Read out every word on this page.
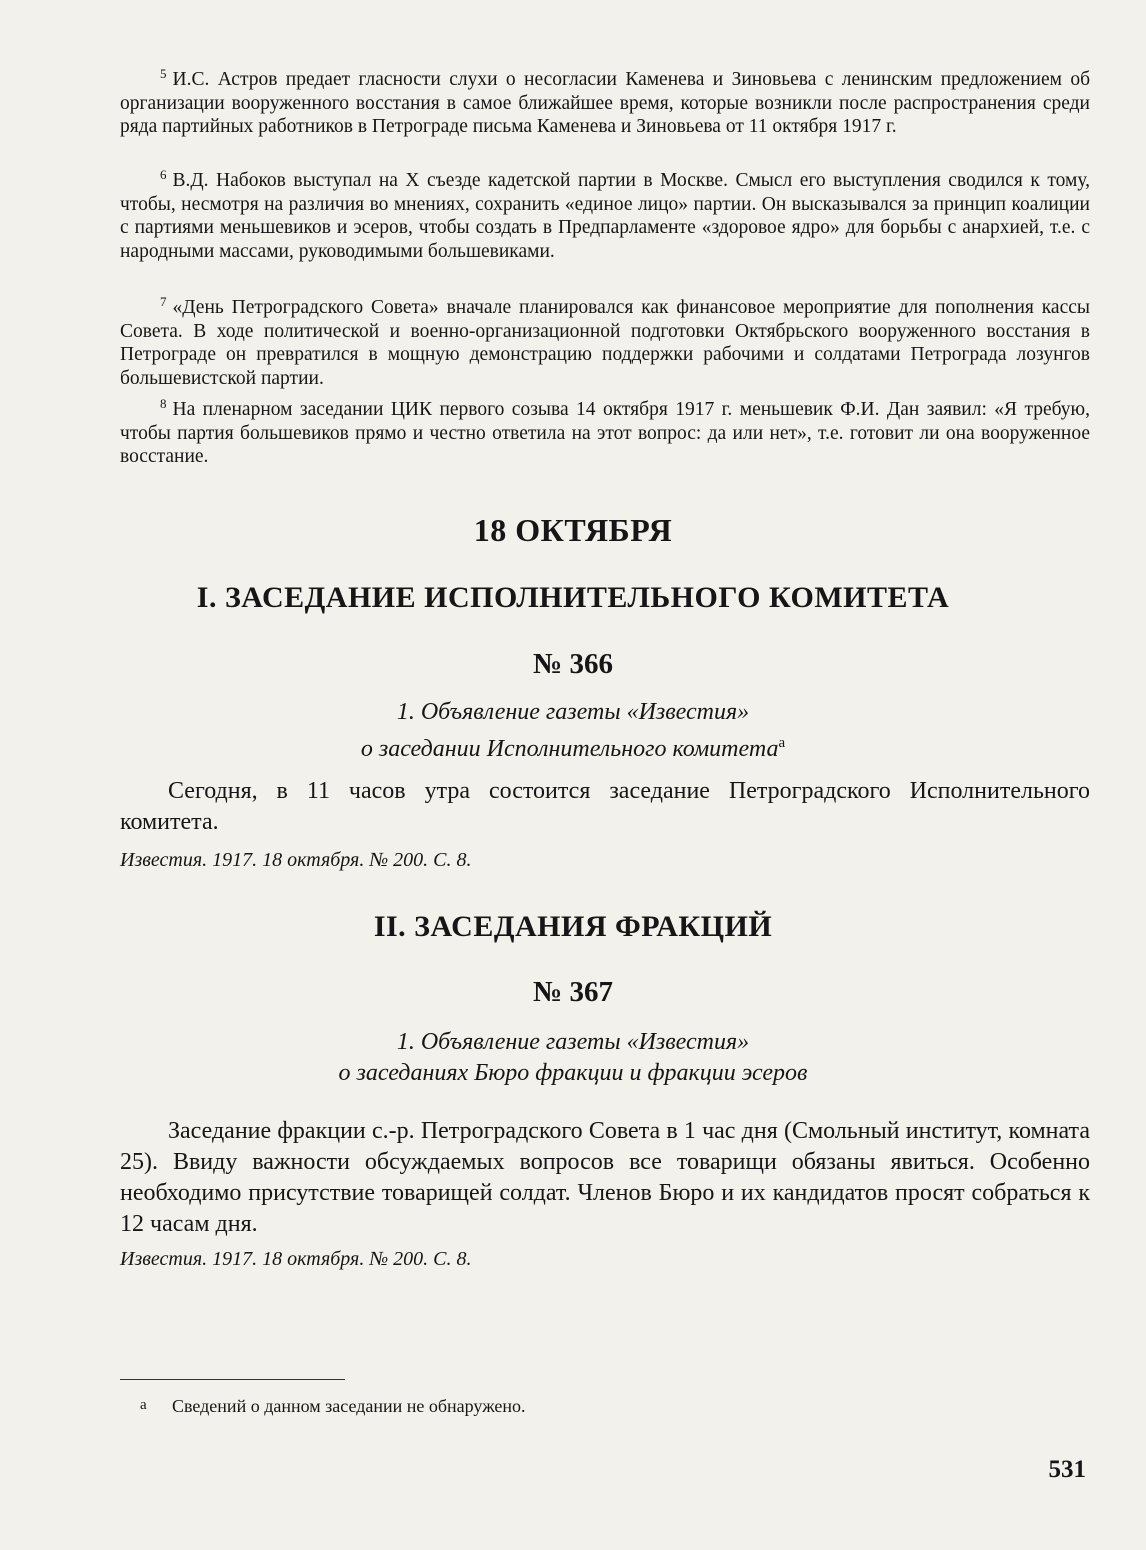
$^5$ И.С. Астров предает гласности слухи о несогласии Каменева и Зиновьева с ленинским предложением об организации вооруженного восстания в самое ближайшее время, которые возникли после распространения среди ряда партийных работников в Петрограде письма Каменева и Зиновьева от 11 октября 1917 г.

$^6$ В.Д. Набоков выступал на X съезде кадетской партии в Москве. Смысл его выступления сводился к тому, чтобы, несмотря на различия во мнениях, сохранить «единое лицо» партии. Он высказывался за принцип коалиции с партиями меньшевиков и эсеров, чтобы создать в Предпарламенте «здоровое ядро» для борьбы с анархией, т.е. с народными массами, руководимыми большевиками.

$^7$ «День Петроградского Совета» вначале планировался как финансовое мероприятие для пополнения кассы Совета. В ходе политической и военно-организационной подготовки Октябрьского вооруженного восстания в Петрограде он превратился в мощную демонстрацию поддержки рабочими и солдатами Петрограда лозунгов большевистской партии.

$^8$ На пленарном заседании ЦИК первого созыва 14 октября 1917 г. меньшевик Ф.И. Дан заявил: «Я требую, чтобы партия большевиков прямо и честно ответила на этот вопрос: да или нет», т.е. готовит ли она вооруженное восстание.

18 ОКТЯБРЯ
I. ЗАСЕДАНИЕ ИСПОЛНИТЕЛЬНОГО КОМИТЕТА
№ 366
1. Объявление газеты «Известия»
о заседании Исполнительного комитета$^а$

Сегодня, в 11 часов утра состоится заседание Петроградского Исполнительного комитета.

Известия. 1917. 18 октября. № 200. С. 8.
II. ЗАСЕДАНИЯ ФРАКЦИЙ
№ 367
1. Объявление газеты «Известия»
о заседаниях Бюро фракции и фракции эсеров

Заседание фракции с.-р. Петроградского Совета в 1 час дня (Смольный институт, комната 25). Ввиду важности обсуждаемых вопросов все товарищи обязаны явиться. Особенно необходимо присутствие товарищей солдат. Членов Бюро и их кандидатов просят собраться к 12 часам дня.

Известия. 1917. 18 октября. № 200. С. 8.
а Сведений о данном заседании не обнаружено.
531
